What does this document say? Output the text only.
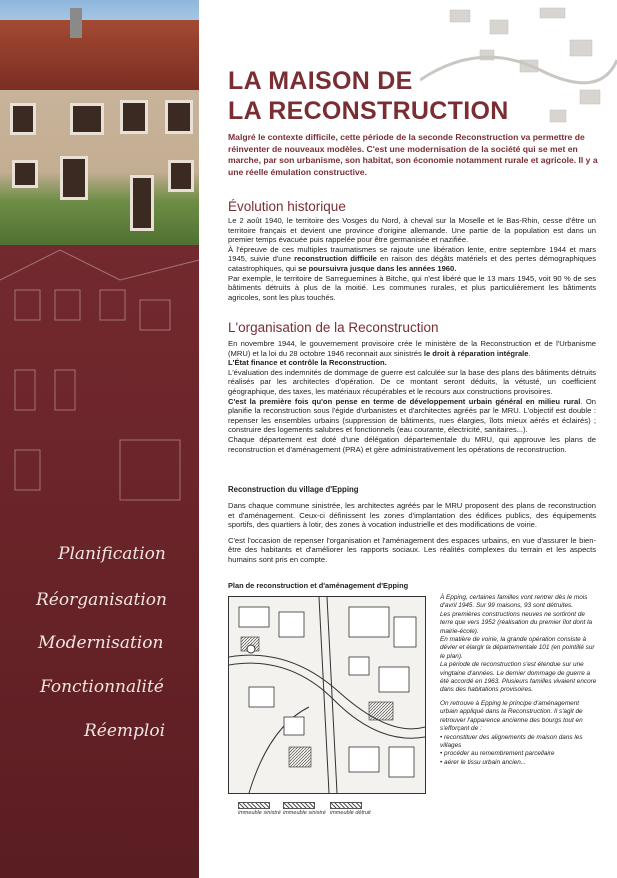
Planification
Réorganisation
Modernisation
Fonctionnalité
Réemploi
LA MAISON DE
LA RECONSTRUCTION
Malgré le contexte difficile, cette période de la seconde Reconstruction va permettre de réinventer de nouveaux modèles. C'est une modernisation de la société qui se met en marche, par son urbanisme, son habitat, son économie notamment rurale et agricole. Il y a une réelle émulation constructive.
Évolution historique
Le 2 août 1940, le territoire des Vosges du Nord, à cheval sur la Moselle et le Bas-Rhin, cesse d'être un territoire français et devient une province d'origine allemande. Une partie de la population est dans un premier temps évacuée puis rappelée pour être germanisée et nazifiée.
À l'épreuve de ces multiples traumatismes se rajoute une libération lente, entre septembre 1944 et mars 1945, suivie d'une reconstruction difficile en raison des dégâts matériels et des pertes démographiques catastrophiques, qui se poursuivra jusque dans les années 1960.
Par exemple, le territoire de Sarreguemines à Bitche, qui n'est libéré que le 13 mars 1945, voit 90 % de ses bâtiments détruits à plus de la moitié. Les communes rurales, et plus particulièrement les bâtiments agricoles, sont les plus touchés.
L'organisation de la Reconstruction
En novembre 1944, le gouvernement provisoire crée le ministère de la Reconstruction et de l'Urbanisme (MRU) et la loi du 28 octobre 1946 reconnait aux sinistrés le droit à réparation intégrale.
L'État finance et contrôle la Reconstruction.
L'évaluation des indemnités de dommage de guerre est calculée sur la base des plans des bâtiments détruits réalisés par les architectes d'opération. De ce montant seront déduits, la vétusté, un coefficient géographique, des taxes, les matériaux récupérables et le recours aux constructions provisoires.
C'est la première fois qu'on pense en terme de développement urbain général en milieu rural. On planifie la reconstruction sous l'égide d'urbanistes et d'architectes agréés par le MRU. L'objectif est double : repenser les ensembles urbains (suppression de bâtiments, rues élargies, îlots mieux aérés et éclairés) ; construire des logements salubres et fonctionnels (eau courante, électricité, sanitaires...).
Chaque département est doté d'une délégation départementale du MRU, qui approuve les plans de reconstruction et d'aménagement (PRA) et gère administrativement les opérations de reconstruction.
Reconstruction du village d'Epping
Dans chaque commune sinistrée, les architectes agréés par le MRU proposent des plans de reconstruction et d'aménagement. Ceux-ci définissent les zones d'implantation des édifices publics, des équipements sportifs, des quartiers à lotir, des zones à vocation industrielle et des modifications de voirie.
C'est l'occasion de repenser l'organisation et l'aménagement des espaces urbains, en vue d'assurer le bien-être des habitants et d'améliorer les rapports sociaux. Les réalités complexes du terrain et les aspects humains sont pris en compte.
Plan de reconstruction et d'aménagement d'Epping
immeuble sinistré immeuble sinistré immeuble détruit
À Epping, certaines familles vont rentrer dès le mois d'avril 1945. Sur 99 maisons, 93 sont détruites.
Les premières constructions neuves ne sortiront de terre que vers 1952 (réalisation du premier îlot dont la mairie-école).
En matière de voirie, la grande opération consiste à dévier et élargir la départementale 101 (en pointillé sur le plan).
La période de reconstruction s'est étendue sur une vingtaine d'années. Le dernier dommage de guerre a été accordé en 1963. Plusieurs familles vivaient encore dans des habitations provisoires.
On retrouve à Epping le principe d'aménagement urbain appliqué dans la Reconstruction. Il s'agit de retrouver l'apparence ancienne des bourgs tout en s'efforçant de :
• reconstituer des alignements de maison dans les villages
• procéder au remembrement parcellaire
• aérer le tissu urbain ancien...
